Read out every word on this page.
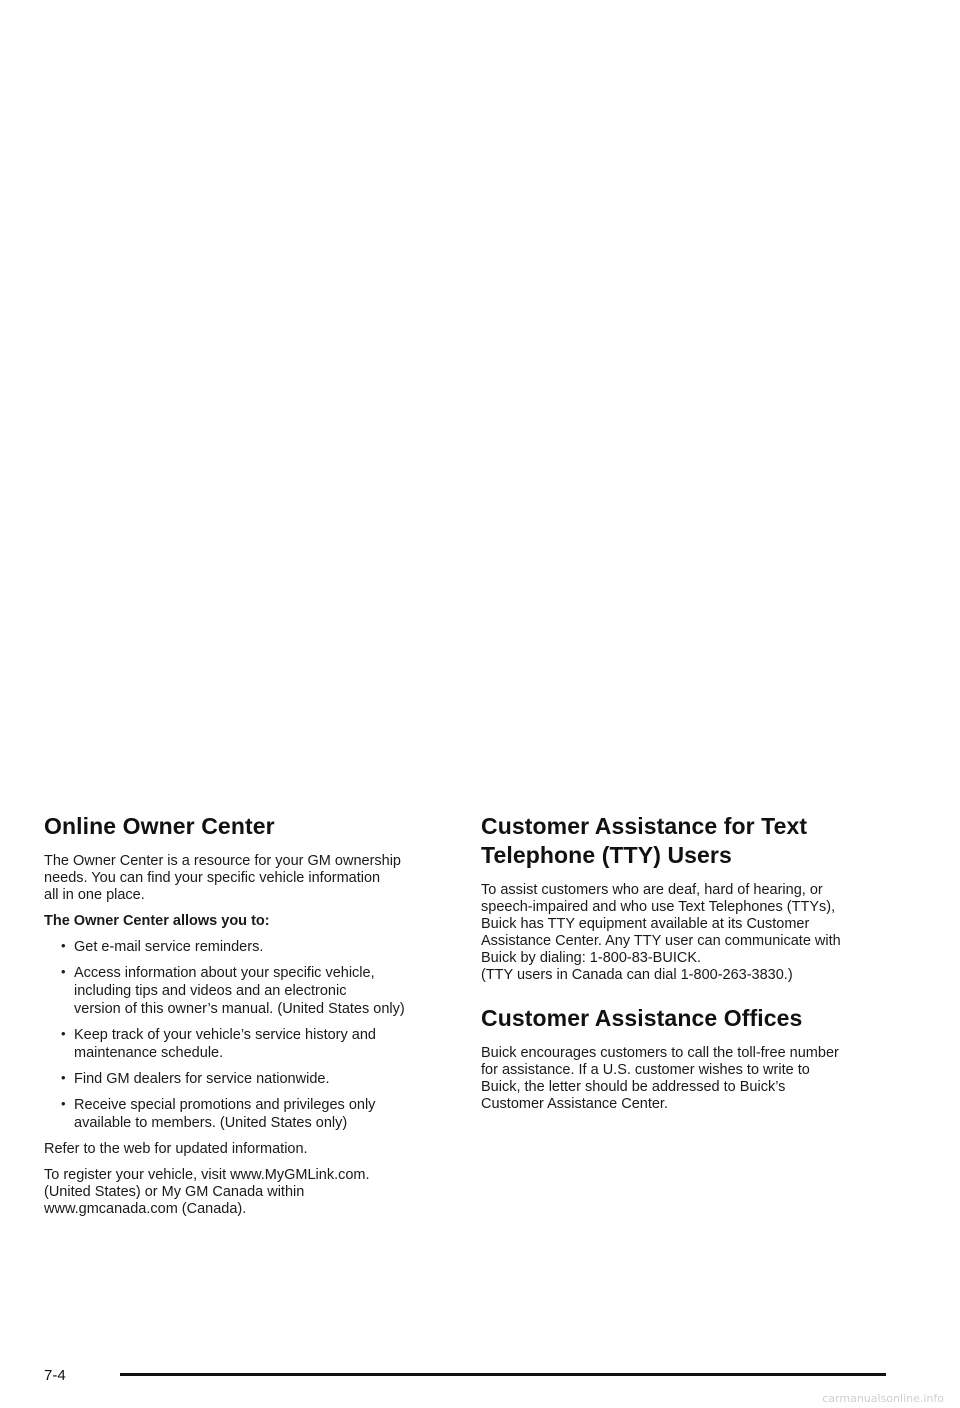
Online Owner Center

The Owner Center is a resource for your GM ownership
needs. You can find your specific vehicle information
all in one place.

The Owner Center allows you to:

• Get e-mail service reminders.
• Access information about your specific vehicle,
including tips and videos and an electronic
version of this owner’s manual. (United States only)
• Keep track of your vehicle’s service history and
maintenance schedule.
• Find GM dealers for service nationwide.
• Receive special promotions and privileges only
available to members. (United States only)

Refer to the web for updated information.

To register your vehicle, visit www.MyGMLink.com.
(United States) or My GM Canada within
www.gmcanada.com (Canada).

Customer Assistance for Text Telephone (TTY) Users

To assist customers who are deaf, hard of hearing, or
speech-impaired and who use Text Telephones (TTYs),
Buick has TTY equipment available at its Customer
Assistance Center. Any TTY user can communicate with
Buick by dialing: 1-800-83-BUICK.
(TTY users in Canada can dial 1-800-263-3830.)

Customer Assistance Offices

Buick encourages customers to call the toll-free number
for assistance. If a U.S. customer wishes to write to
Buick, the letter should be addressed to Buick’s
Customer Assistance Center.

7-4
carmanualsonline.info
